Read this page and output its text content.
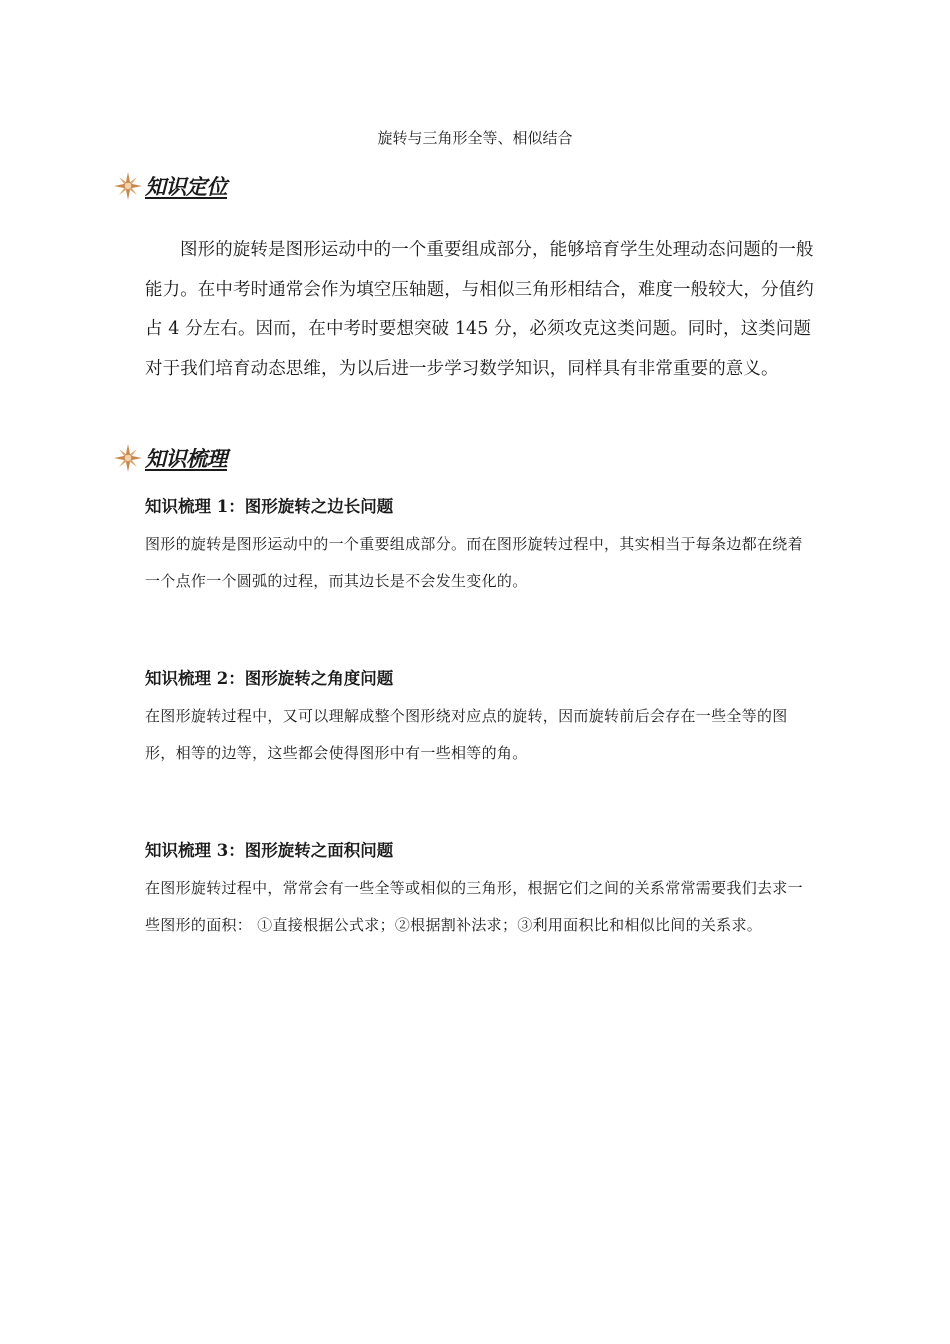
旋转与三角形全等、相似结合
知识定位

图形的旋转是图形运动中的一个重要组成部分，能够培育学生处理动态问题的一般能力。在中考时通常会作为填空压轴题，与相似三角形相结合，难度一般较大，分值约占 4 分左右。因而，在中考时要想突破 145 分，必须攻克这类问题。同时，这类问题对于我们培育动态思维，为以后进一步学习数学知识，同样具有非常重要的意义。

知识梳理
知识梳理 1：图形旋转之边长问题

图形的旋转是图形运动中的一个重要组成部分。而在图形旋转过程中，其实相当于每条边都在绕着一个点作一个圆弧的过程，而其边长是不会发生变化的。

知识梳理 2：图形旋转之角度问题

在图形旋转过程中，又可以理解成整个图形绕对应点的旋转，因而旋转前后会存在一些全等的图形，相等的边等，这些都会使得图形中有一些相等的角。

知识梳理 3：图形旋转之面积问题

在图形旋转过程中，常常会有一些全等或相似的三角形，根据它们之间的关系常常需要我们去求一些图形的面积： ①直接根据公式求；②根据割补法求；③利用面积比和相似比间的关系求。
